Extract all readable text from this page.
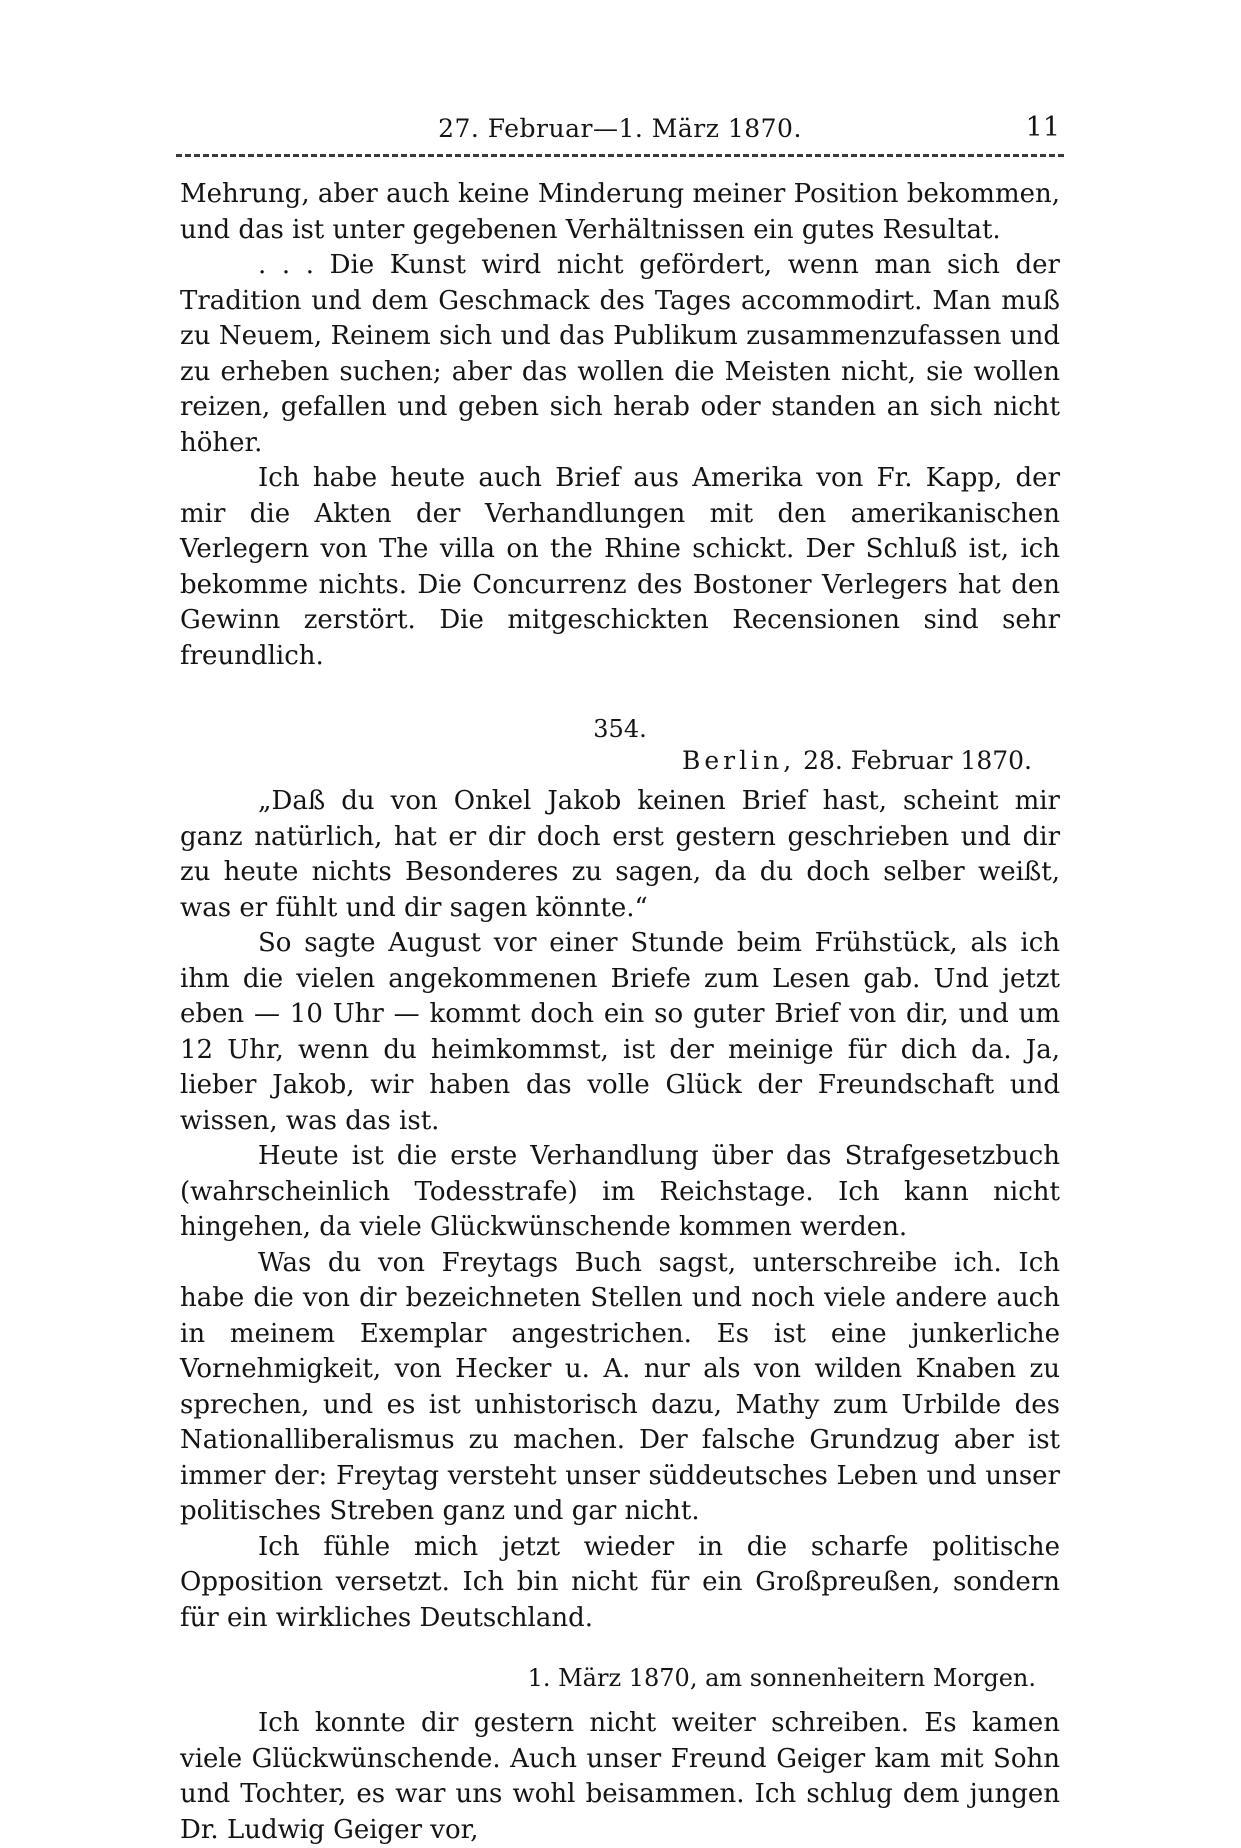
27. Februar—1. März 1870.	11

Mehrung, aber auch keine Minderung meiner Position bekommen, und das ist unter gegebenen Verhältnissen ein gutes Resultat.

. . . Die Kunst wird nicht gefördert, wenn man sich der Tradition und dem Geschmack des Tages accommodirt. Man muß zu Neuem, Reinem sich und das Publikum zusammenzufassen und zu erheben suchen; aber das wollen die Meisten nicht, sie wollen reizen, gefallen und geben sich herab oder standen an sich nicht höher.

Ich habe heute auch Brief aus Amerika von Fr. Kapp, der mir die Akten der Verhandlungen mit den amerikanischen Verlegern von The villa on the Rhine schickt. Der Schluß ist, ich bekomme nichts. Die Concurrenz des Bostoner Verlegers hat den Gewinn zerstört. Die mitgeschickten Recensionen sind sehr freundlich.

354.
Berlin, 28. Februar 1870.

„Daß du von Onkel Jakob keinen Brief hast, scheint mir ganz natürlich, hat er dir doch erst gestern geschrieben und dir zu heute nichts Besonderes zu sagen, da du doch selber weißt, was er fühlt und dir sagen könnte.“

So sagte August vor einer Stunde beim Frühstück, als ich ihm die vielen angekommenen Briefe zum Lesen gab. Und jetzt eben — 10 Uhr — kommt doch ein so guter Brief von dir, und um 12 Uhr, wenn du heimkommst, ist der meinige für dich da. Ja, lieber Jakob, wir haben das volle Glück der Freundschaft und wissen, was das ist.

Heute ist die erste Verhandlung über das Strafgesetzbuch (wahrscheinlich Todesstrafe) im Reichstage. Ich kann nicht hingehen, da viele Glückwünschende kommen werden.

Was du von Freytags Buch sagst, unterschreibe ich. Ich habe die von dir bezeichneten Stellen und noch viele andere auch in meinem Exemplar angestrichen. Es ist eine junkerliche Vornehmigkeit, von Hecker u. A. nur als von wilden Knaben zu sprechen, und es ist unhistorisch dazu, Mathy zum Urbilde des Nationalliberalismus zu machen. Der falsche Grundzug aber ist immer der: Freytag versteht unser süddeutsches Leben und unser politisches Streben ganz und gar nicht.

Ich fühle mich jetzt wieder in die scharfe politische Opposition versetzt. Ich bin nicht für ein Großpreußen, sondern für ein wirkliches Deutschland.

1. März 1870, am sonnenheitern Morgen.

Ich konnte dir gestern nicht weiter schreiben. Es kamen viele Glückwünschende. Auch unser Freund Geiger kam mit Sohn und Tochter, es war uns wohl beisammen. Ich schlug dem jungen Dr. Ludwig Geiger vor,
